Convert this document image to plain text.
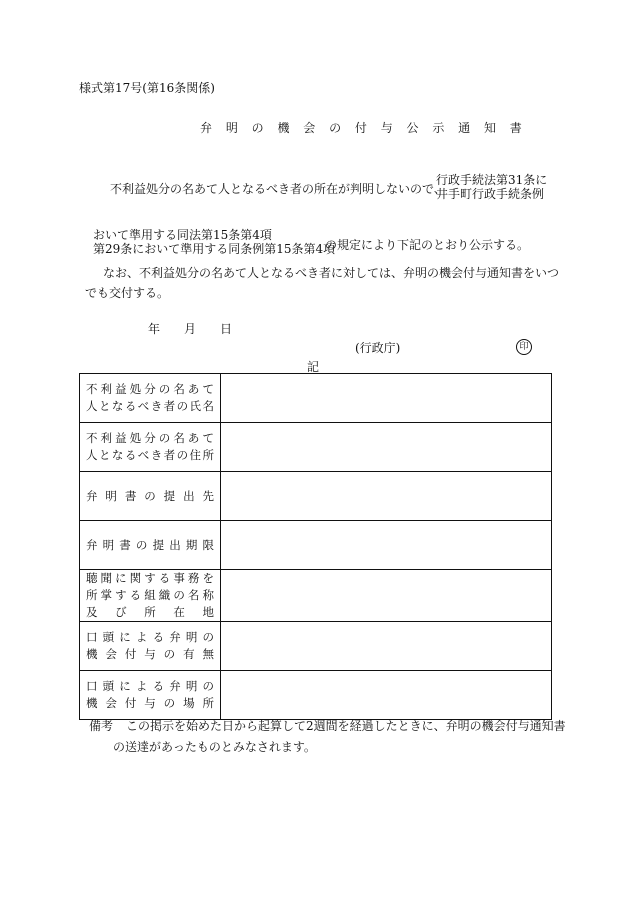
様式第17号(第16条関係)
弁 明 の 機 会 の 付 与 公 示 通 知 書
不利益処分の名あて人となるべき者の所在が判明しないので、
行政手続法第31条に
井手町行政手続条例
おいて準用する同法第15条第4項
第29条において準用する同条例第15条第4項
の規定により下記のとおり公示する。
なお、不利益処分の名あて人となるべき者に対しては、弁明の機会付与通知書をいつ
でも交付する。
年 月 日
(行政庁)	印
記
不利益処分の名あて
人となるべき者の氏名	

不利益処分の名あて
人となるべき者の住所	

弁明書の提出先	

弁明書の提出期限	

聴聞に関する事務を
所掌する組織の名称
及び所在地	

口頭による弁明の
機会付与の有無	

口頭による弁明の
機会付与の場所	

備考 この掲示を始めた日から起算して2週間を経過したときに、弁明の機会付与通知書
の送達があったものとみなされます。
